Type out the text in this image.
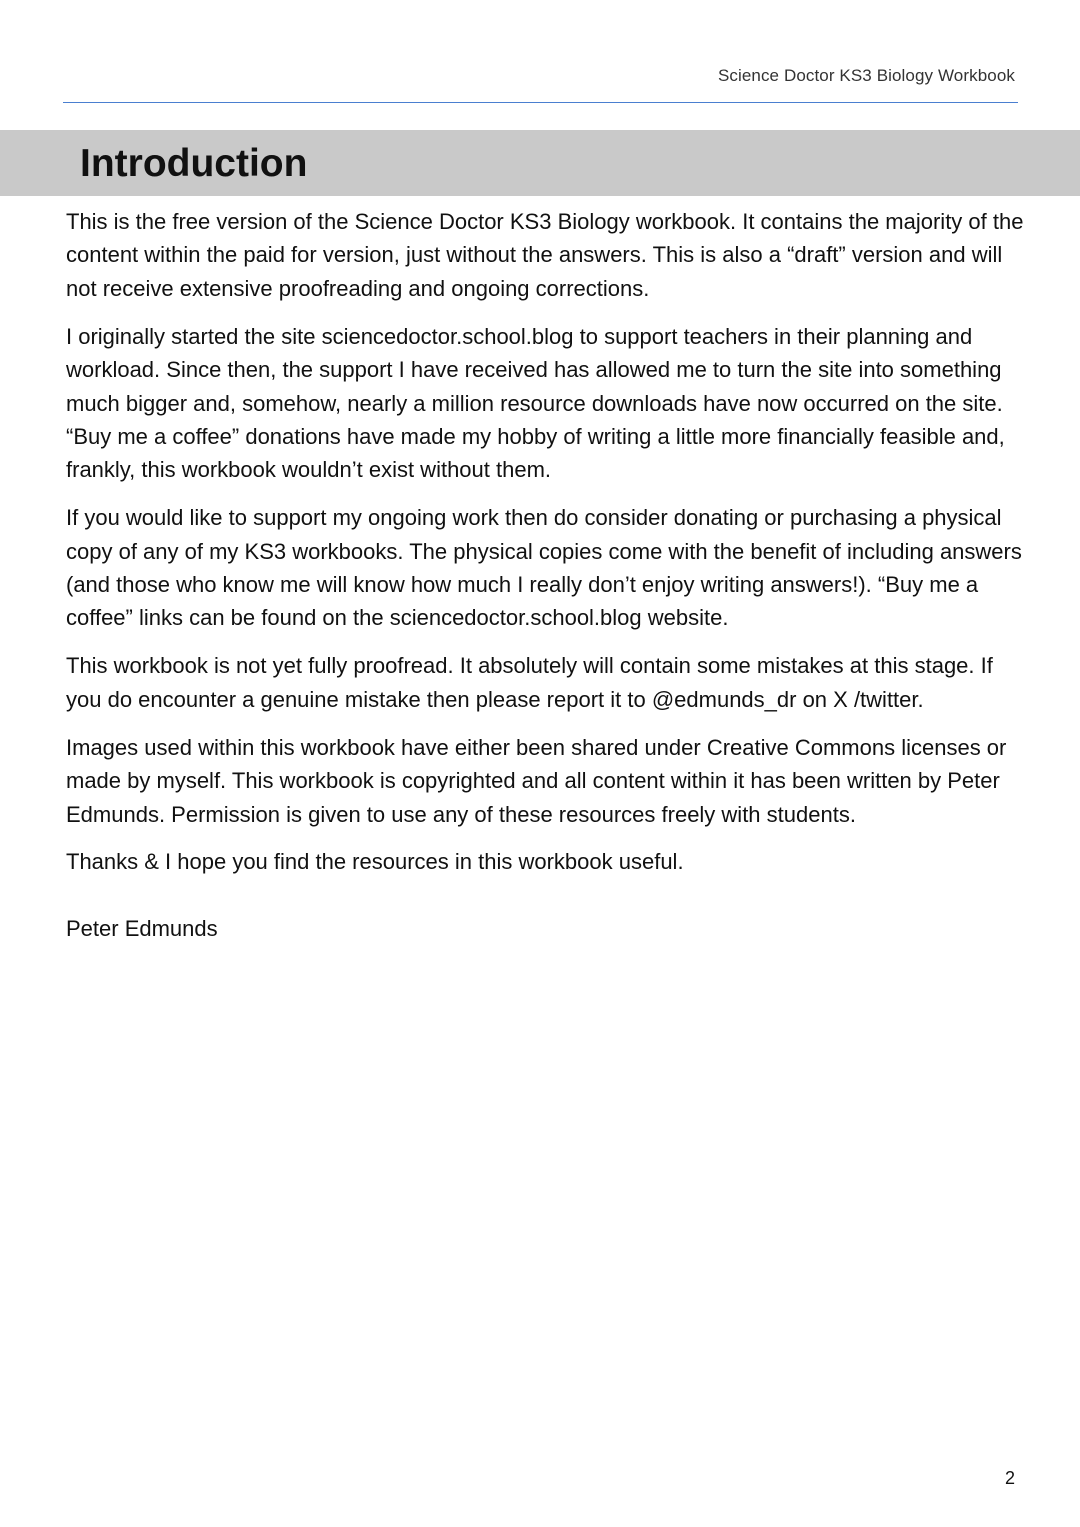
Science Doctor KS3 Biology Workbook
Introduction

This is the free version of the Science Doctor KS3 Biology workbook. It contains the majority of the content within the paid for version, just without the answers. This is also a “draft” version and will not receive extensive proofreading and ongoing corrections.

I originally started the site sciencedoctor.school.blog to support teachers in their planning and workload. Since then, the support I have received has allowed me to turn the site into something much bigger and, somehow, nearly a million resource downloads have now occurred on the site. “Buy me a coffee” donations have made my hobby of writing a little more financially feasible and, frankly, this workbook wouldn’t exist without them.

If you would like to support my ongoing work then do consider donating or purchasing a physical copy of any of my KS3 workbooks. The physical copies come with the benefit of including answers (and those who know me will know how much I really don’t enjoy writing answers!). “Buy me a coffee” links can be found on the sciencedoctor.school.blog website.

This workbook is not yet fully proofread. It absolutely will contain some mistakes at this stage. If you do encounter a genuine mistake then please report it to @edmunds_dr on X /twitter.

Images used within this workbook have either been shared under Creative Commons licenses or made by myself. This workbook is copyrighted and all content within it has been written by Peter Edmunds. Permission is given to use any of these resources freely with students.

Thanks & I hope you find the resources in this workbook useful.

Peter Edmunds

2
